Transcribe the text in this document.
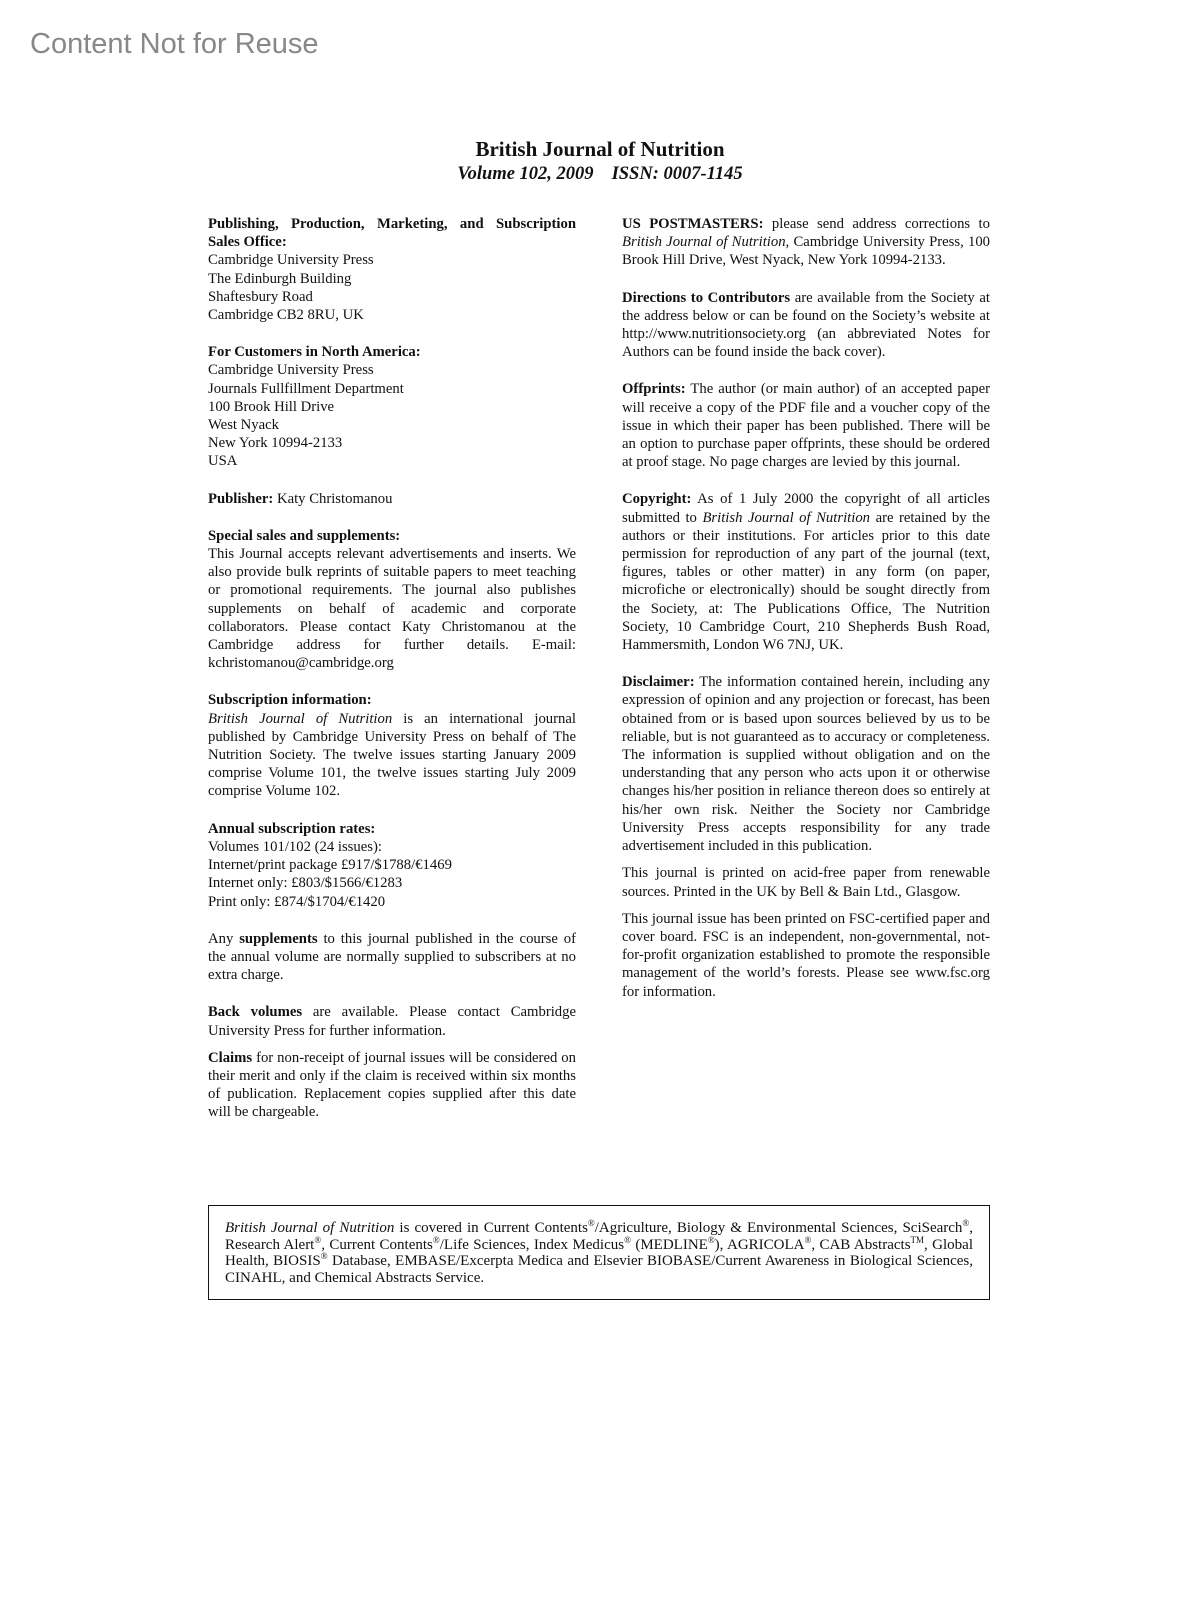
Content Not for Reuse
British Journal of Nutrition
Volume 102, 2009 ISSN: 0007-1145
Publishing, Production, Marketing, and Subscription Sales Office:
Cambridge University Press
The Edinburgh Building
Shaftesbury Road
Cambridge CB2 8RU, UK
For Customers in North America:
Cambridge University Press
Journals Fullfillment Department
100 Brook Hill Drive
West Nyack
New York 10994-2133
USA
Publisher: Katy Christomanou
Special sales and supplements:
This Journal accepts relevant advertisements and inserts. We also provide bulk reprints of suitable papers to meet teaching or promotional requirements. The journal also publishes supplements on behalf of academic and corporate collaborators. Please contact Katy Christomanou at the Cambridge address for further details. E-mail: kchristomanou@cambridge.org
Subscription information:
British Journal of Nutrition is an international journal published by Cambridge University Press on behalf of The Nutrition Society. The twelve issues starting January 2009 comprise Volume 101, the twelve issues starting July 2009 comprise Volume 102.
Annual subscription rates:
Volumes 101/102 (24 issues):
Internet/print package £917/$1788/€1469
Internet only: £803/$1566/€1283
Print only: £874/$1704/€1420
Any supplements to this journal published in the course of the annual volume are normally supplied to subscribers at no extra charge.
Back volumes are available. Please contact Cambridge University Press for further information.
Claims for non-receipt of journal issues will be considered on their merit and only if the claim is received within six months of publication. Replacement copies supplied after this date will be chargeable.
US POSTMASTERS: please send address corrections to British Journal of Nutrition, Cambridge University Press, 100 Brook Hill Drive, West Nyack, New York 10994-2133.
Directions to Contributors are available from the Society at the address below or can be found on the Society’s website at http://www.nutritionsociety.org (an abbreviated Notes for Authors can be found inside the back cover).
Offprints: The author (or main author) of an accepted paper will receive a copy of the PDF file and a voucher copy of the issue in which their paper has been published. There will be an option to purchase paper offprints, these should be ordered at proof stage. No page charges are levied by this journal.
Copyright: As of 1 July 2000 the copyright of all articles submitted to British Journal of Nutrition are retained by the authors or their institutions. For articles prior to this date permission for reproduction of any part of the journal (text, figures, tables or other matter) in any form (on paper, microfiche or electronically) should be sought directly from the Society, at: The Publications Office, The Nutrition Society, 10 Cambridge Court, 210 Shepherds Bush Road, Hammersmith, London W6 7NJ, UK.
Disclaimer: The information contained herein, including any expression of opinion and any projection or forecast, has been obtained from or is based upon sources believed by us to be reliable, but is not guaranteed as to accuracy or completeness. The information is supplied without obligation and on the understanding that any person who acts upon it or otherwise changes his/her position in reliance thereon does so entirely at his/her own risk. Neither the Society nor Cambridge University Press accepts responsibility for any trade advertisement included in this publication.
This journal is printed on acid-free paper from renewable sources. Printed in the UK by Bell & Bain Ltd., Glasgow.
This journal issue has been printed on FSC-certified paper and cover board. FSC is an independent, non-governmental, not-for-profit organization established to promote the responsible management of the world’s forests. Please see www.fsc.org for information.
British Journal of Nutrition is covered in Current Contents®/Agriculture, Biology & Environmental Sciences, SciSearch®, Research Alert®, Current Contents®/Life Sciences, Index Medicus® (MEDLINE®), AGRICOLA®, CAB Abstracts™, Global Health, BIOSIS® Database, EMBASE/Excerpta Medica and Elsevier BIOBASE/Current Awareness in Biological Sciences, CINAHL, and Chemical Abstracts Service.
